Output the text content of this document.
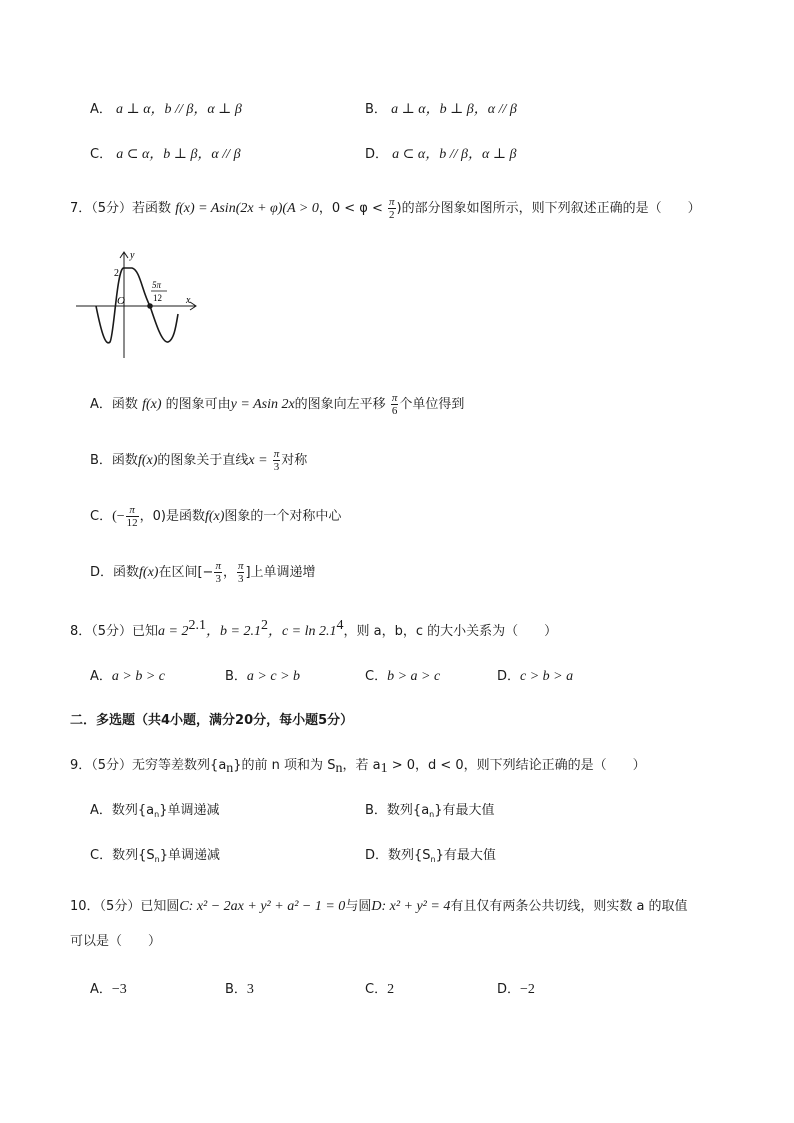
A． a ⊥ α，b // β，α ⊥ β	B． a ⊥ α，b ⊥ β，α // β
C． a ⊂ α，b ⊥ β，α // β	D． a ⊂ α，b // β，α ⊥ β
7．（5分）若函数 f(x) = Asin(2x + φ)(A > 0，$0 < \varphi < \frac{\pi}{2}$ )的部分图象如图所示，则下列叙述正确的是（　　）
y
x
2
O
5π
12
A．函数 f(x) 的图象可由y = Asin 2x的图象向左平移 $\frac{\pi}{6}$ 个单位得到
B．函数f(x)的图象关于直线$x = \frac{\pi}{3}$ 对称
C．(− $\frac{\pi}{12}$ ，0)是函数f(x)图象的一个对称中心
D．函数f(x)在区间[− $\frac{\pi}{3}$ ， $\frac{\pi}{3}$ ]上单调递增
8．（5分）已知$a = 2^{2.1}$，$b = 2.1^2$，$c = \ln 2.1^4$，则 a，b，c 的大小关系为（　　）
A．a > b > c	B．a > c > b	C．b > a > c	D．c > b > a
二．多选题（共4小题，满分20分，每小题5分）
9．（5分）无穷等差数列$\{a_n\}$的前 n 项和为 $S_n$，若 $a_1 > 0$，d < 0，则下列结论正确的是（　　）
A．数列$\{a_n\}$单调递减	B．数列$\{a_n\}$有最大值
C．数列$\{S_n\}$单调递减	D．数列$\{S_n\}$有最大值
10．（5分）已知圆C: x² − 2ax + y² + a² − 1 = 0与圆D: x² + y² = 4有且仅有两条公共切线，则实数 a 的取值
可以是（　　）
A．−3	B．3	C．2	D．−2
